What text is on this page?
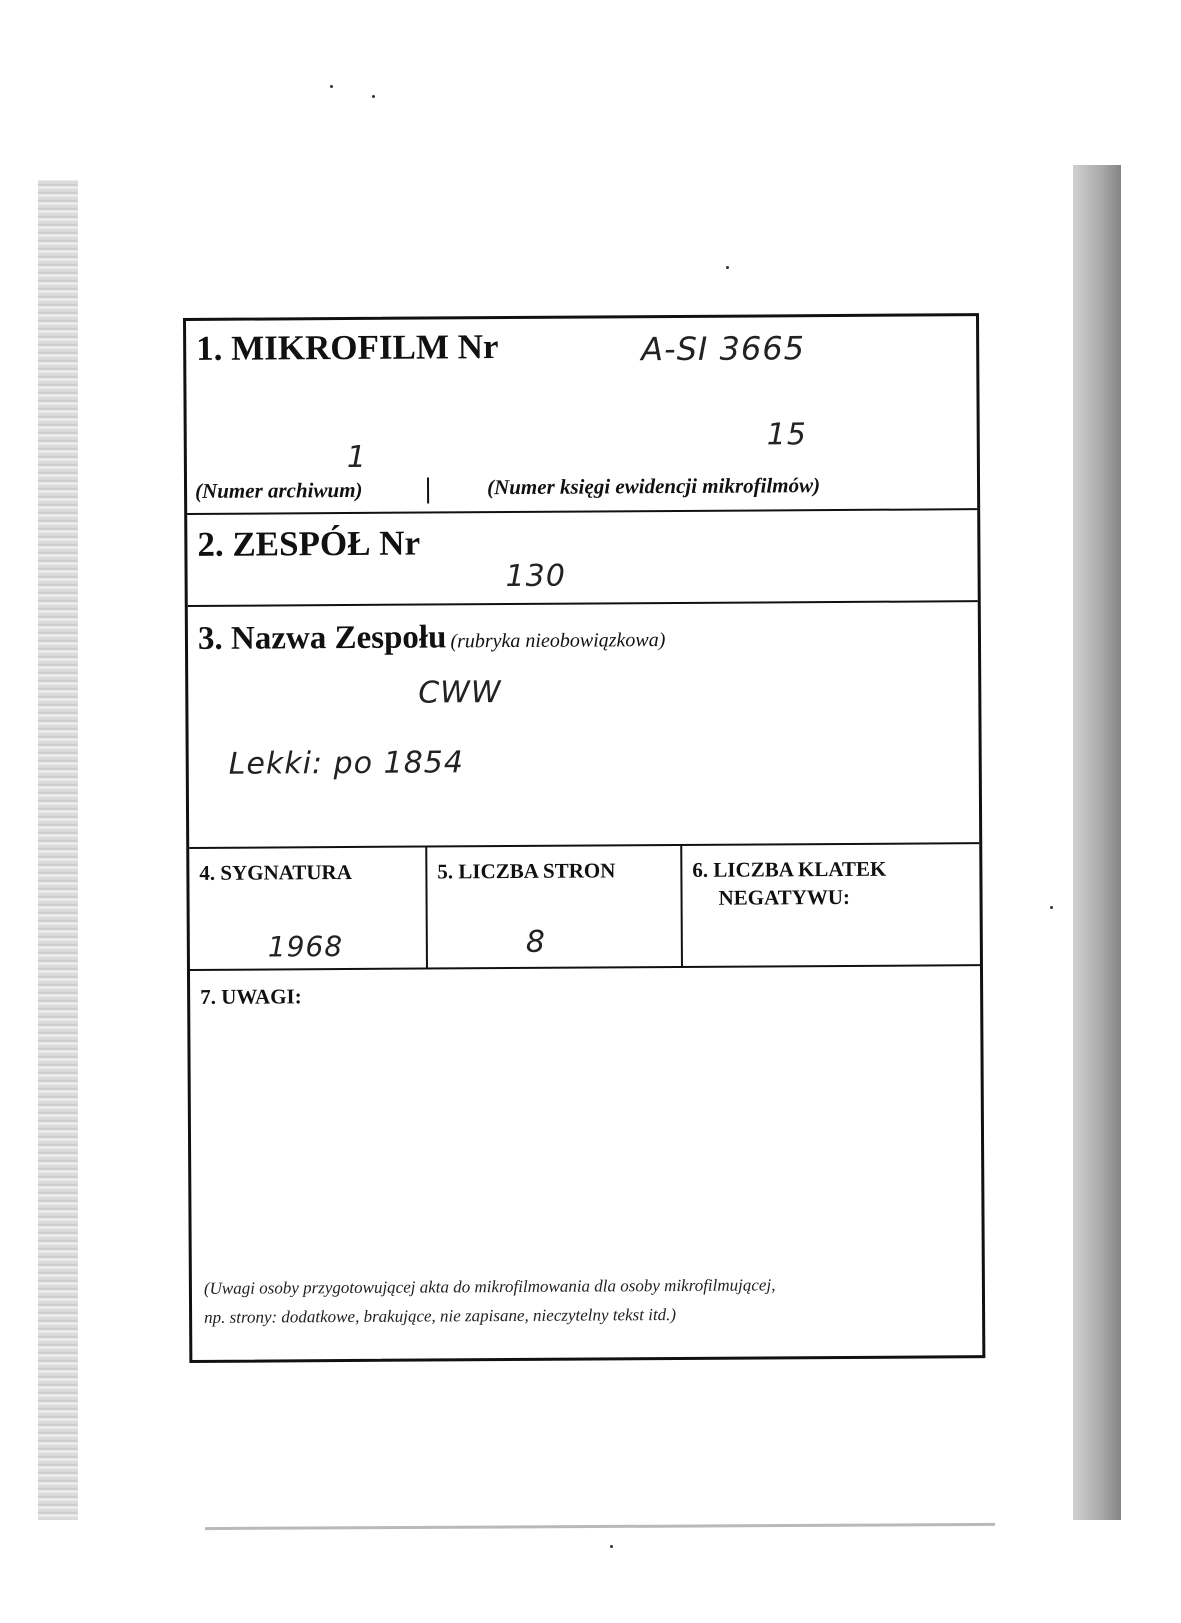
1. MIKROFILM Nr	A-SI 3665
1
15
(Numer archiwum)	(Numer księgi ewidencji mikrofilmów)
2. ZESPÓŁ Nr
130
3. Nazwa Zespołu (rubryka nieobowiązkowa)
CWW
Lekki: po 1854
4. SYGNATURA
1968
5. LICZBA STRON
8
6. LICZBA KLATEK
NEGATYWU:
7. UWAGI:
(Uwagi osoby przygotowującej akta do mikrofilmowania dla osoby mikrofilmującej,
np. strony: dodatkowe, brakujące, nie zapisane, nieczytelny tekst itd.)
